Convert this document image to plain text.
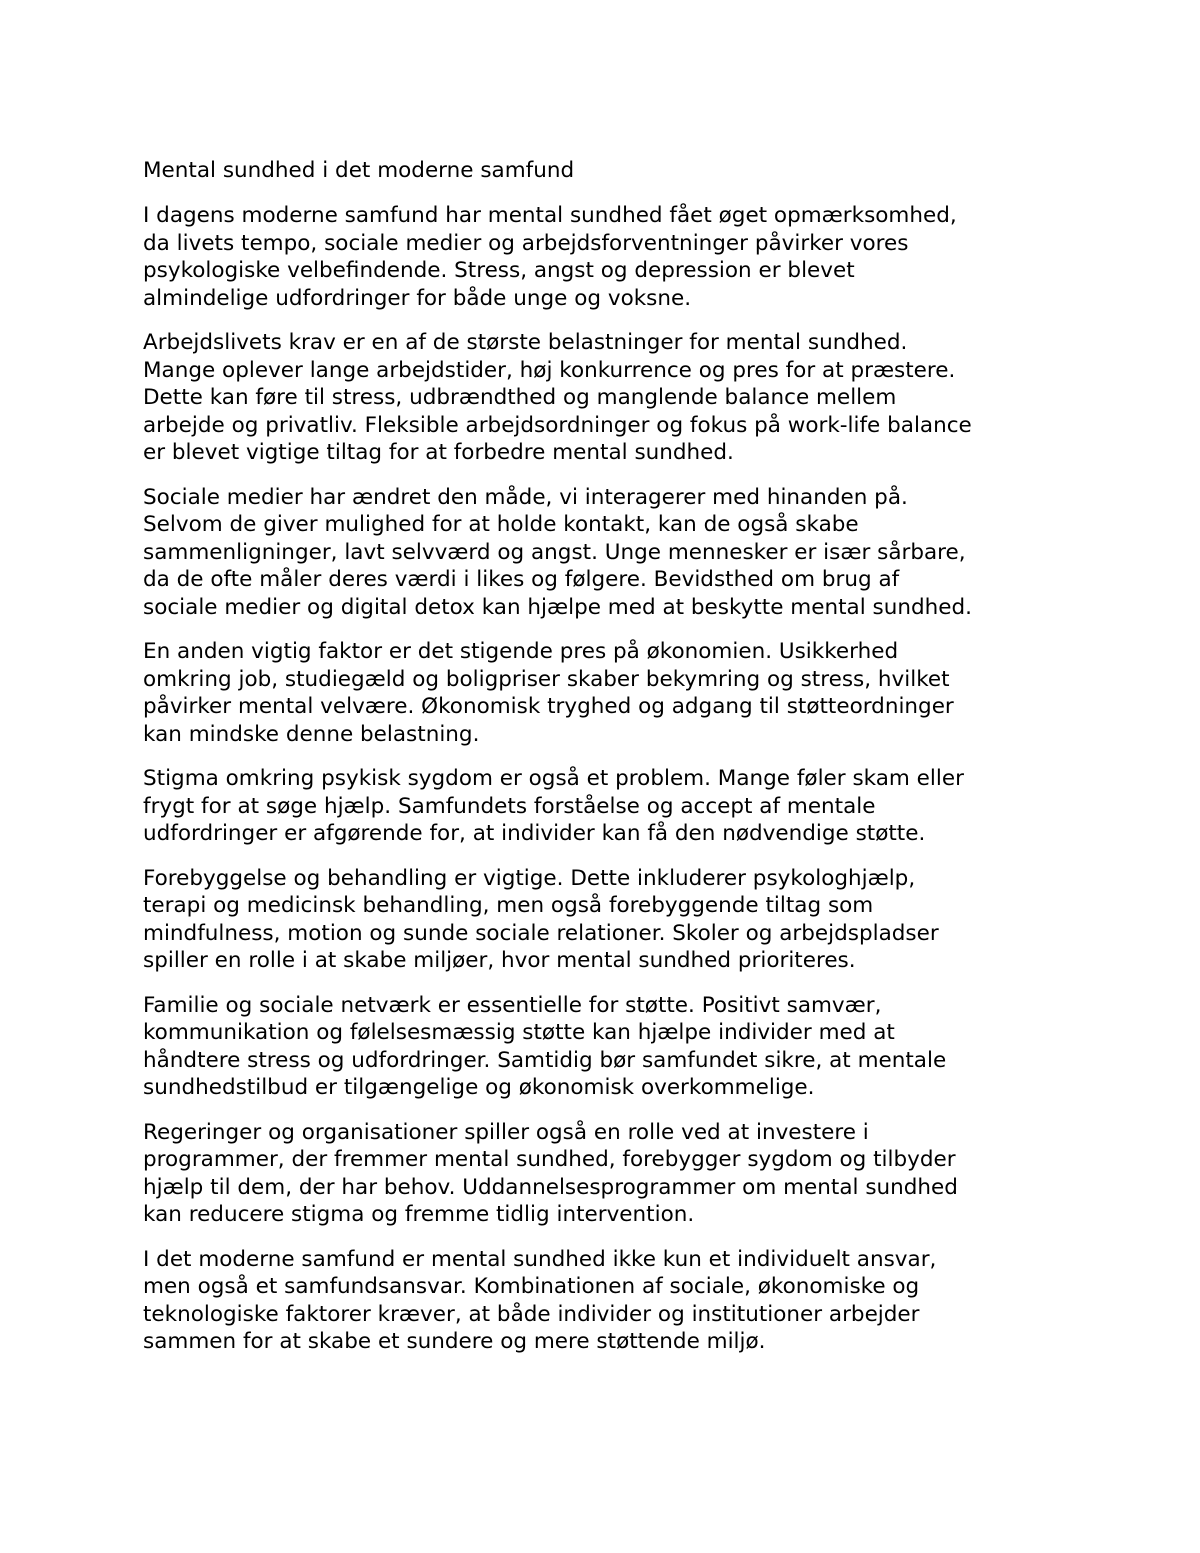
Mental sundhed i det moderne samfund

I dagens moderne samfund har mental sundhed fået øget opmærksomhed,
da livets tempo, sociale medier og arbejdsforventninger påvirker vores
psykologiske velbefindende. Stress, angst og depression er blevet
almindelige udfordringer for både unge og voksne.

Arbejdslivets krav er en af de største belastninger for mental sundhed.
Mange oplever lange arbejdstider, høj konkurrence og pres for at præstere.
Dette kan føre til stress, udbrændthed og manglende balance mellem
arbejde og privatliv. Fleksible arbejdsordninger og fokus på work-life balance
er blevet vigtige tiltag for at forbedre mental sundhed.

Sociale medier har ændret den måde, vi interagerer med hinanden på.
Selvom de giver mulighed for at holde kontakt, kan de også skabe
sammenligninger, lavt selvværd og angst. Unge mennesker er især sårbare,
da de ofte måler deres værdi i likes og følgere. Bevidsthed om brug af
sociale medier og digital detox kan hjælpe med at beskytte mental sundhed.

En anden vigtig faktor er det stigende pres på økonomien. Usikkerhed
omkring job, studiegæld og boligpriser skaber bekymring og stress, hvilket
påvirker mental velvære. Økonomisk tryghed og adgang til støtteordninger
kan mindske denne belastning.

Stigma omkring psykisk sygdom er også et problem. Mange føler skam eller
frygt for at søge hjælp. Samfundets forståelse og accept af mentale
udfordringer er afgørende for, at individer kan få den nødvendige støtte.

Forebyggelse og behandling er vigtige. Dette inkluderer psykologhjælp,
terapi og medicinsk behandling, men også forebyggende tiltag som
mindfulness, motion og sunde sociale relationer. Skoler og arbejdspladser
spiller en rolle i at skabe miljøer, hvor mental sundhed prioriteres.

Familie og sociale netværk er essentielle for støtte. Positivt samvær,
kommunikation og følelsesmæssig støtte kan hjælpe individer med at
håndtere stress og udfordringer. Samtidig bør samfundet sikre, at mentale
sundhedstilbud er tilgængelige og økonomisk overkommelige.

Regeringer og organisationer spiller også en rolle ved at investere i
programmer, der fremmer mental sundhed, forebygger sygdom og tilbyder
hjælp til dem, der har behov. Uddannelsesprogrammer om mental sundhed
kan reducere stigma og fremme tidlig intervention.

I det moderne samfund er mental sundhed ikke kun et individuelt ansvar,
men også et samfundsansvar. Kombinationen af sociale, økonomiske og
teknologiske faktorer kræver, at både individer og institutioner arbejder
sammen for at skabe et sundere og mere støttende miljø.
